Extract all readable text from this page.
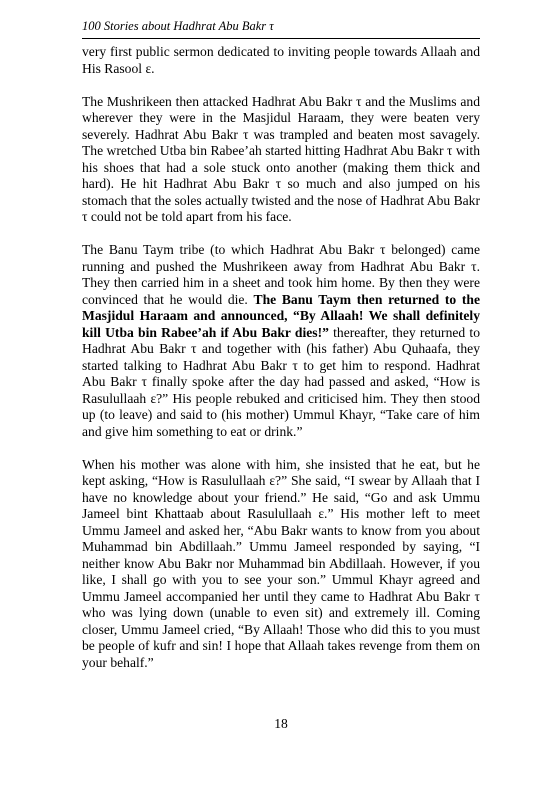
100 Stories about Hadhrat Abu Bakr τ

very first public sermon dedicated to inviting people towards Allaah and His Rasool ε.

The Mushrikeen then attacked Hadhrat Abu Bakr τ and the Muslims and wherever they were in the Masjidul Haraam, they were beaten very severely. Hadhrat Abu Bakr τ was trampled and beaten most savagely. The wretched Utba bin Rabee’ah started hitting Hadhrat Abu Bakr τ with his shoes that had a sole stuck onto another (making them thick and hard). He hit Hadhrat Abu Bakr τ so much and also jumped on his stomach that the soles actually twisted and the nose of Hadhrat Abu Bakr τ could not be told apart from his face.

The Banu Taym tribe (to which Hadhrat Abu Bakr τ belonged) came running and pushed the Mushrikeen away from Hadhrat Abu Bakr τ. They then carried him in a sheet and took him home. By then they were convinced that he would die. The Banu Taym then returned to the Masjidul Haraam and announced, “By Allaah! We shall definitely kill Utba bin Rabee’ah if Abu Bakr dies!” thereafter, they returned to Hadhrat Abu Bakr τ and together with (his father) Abu Quhaafa, they started talking to Hadhrat Abu Bakr τ to get him to respond. Hadhrat Abu Bakr τ finally spoke after the day had passed and asked, “How is Rasulullaah ε?” His people rebuked and criticised him. They then stood up (to leave) and said to (his mother) Ummul Khayr, “Take care of him and give him something to eat or drink.”

When his mother was alone with him, she insisted that he eat, but he kept asking, “How is Rasulullaah ε?” She said, “I swear by Allaah that I have no knowledge about your friend.” He said, “Go and ask Ummu Jameel bint Khattaab about Rasulullaah ε.” His mother left to meet Ummu Jameel and asked her, “Abu Bakr wants to know from you about Muhammad bin Abdillaah.” Ummu Jameel responded by saying, “I neither know Abu Bakr nor Muhammad bin Abdillaah. However, if you like, I shall go with you to see your son.” Ummul Khayr agreed and Ummu Jameel accompanied her until they came to Hadhrat Abu Bakr τ who was lying down (unable to even sit) and extremely ill. Coming closer, Ummu Jameel cried, “By Allaah! Those who did this to you must be people of kufr and sin! I hope that Allaah takes revenge from them on your behalf.”

18
